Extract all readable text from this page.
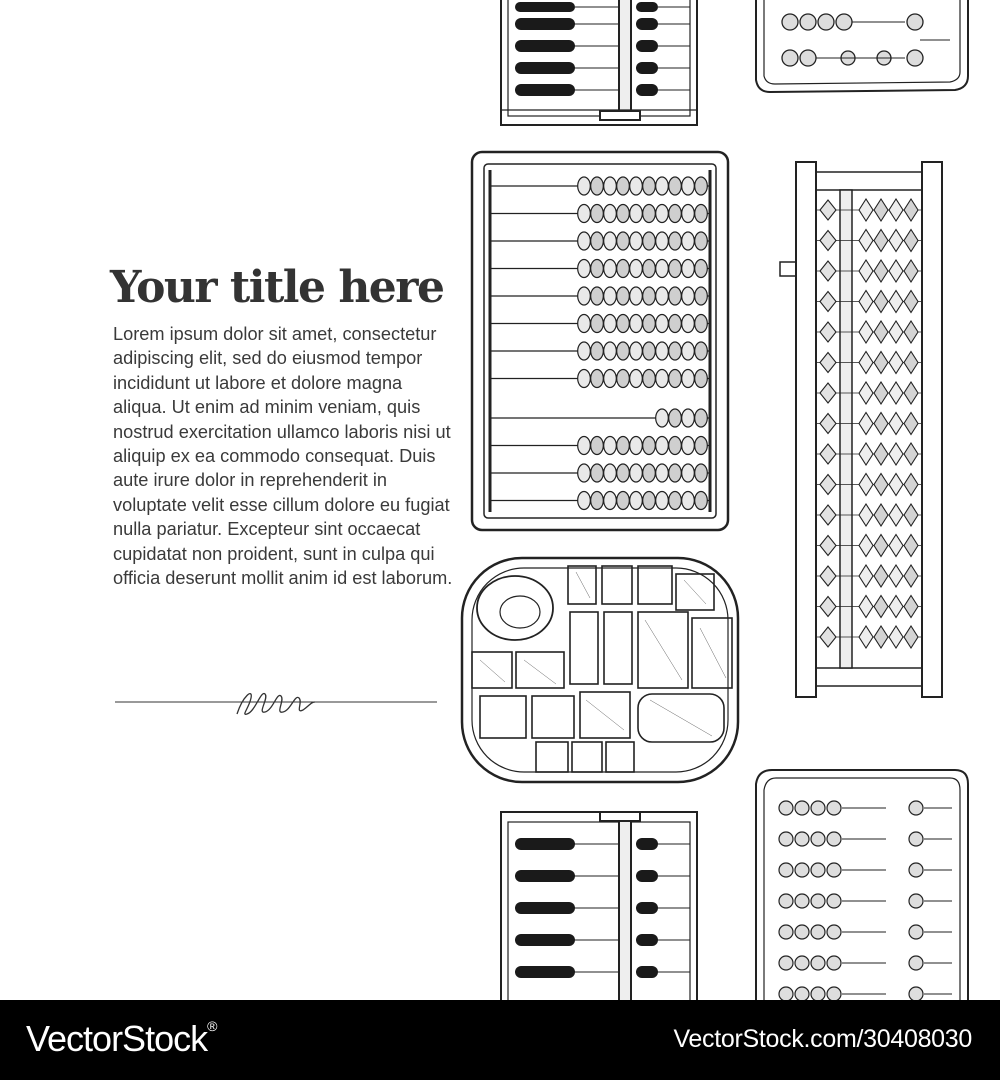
Your title here

Lorem ipsum dolor sit amet, consectetur adipiscing elit, sed do eiusmod tempor incididunt ut labore et dolore magna aliqua. Ut enim ad minim veniam, quis nostrud exercitation ullamco laboris nisi ut aliquip ex ea commodo consequat. Duis aute irure dolor in reprehenderit in voluptate velit esse cillum dolore eu fugiat nulla pariatur. Excepteur sint occaecat cupidatat non proident, sunt in culpa qui officia deserunt mollit anim id est laborum.

VectorStock®	VectorStock.com/30408030
